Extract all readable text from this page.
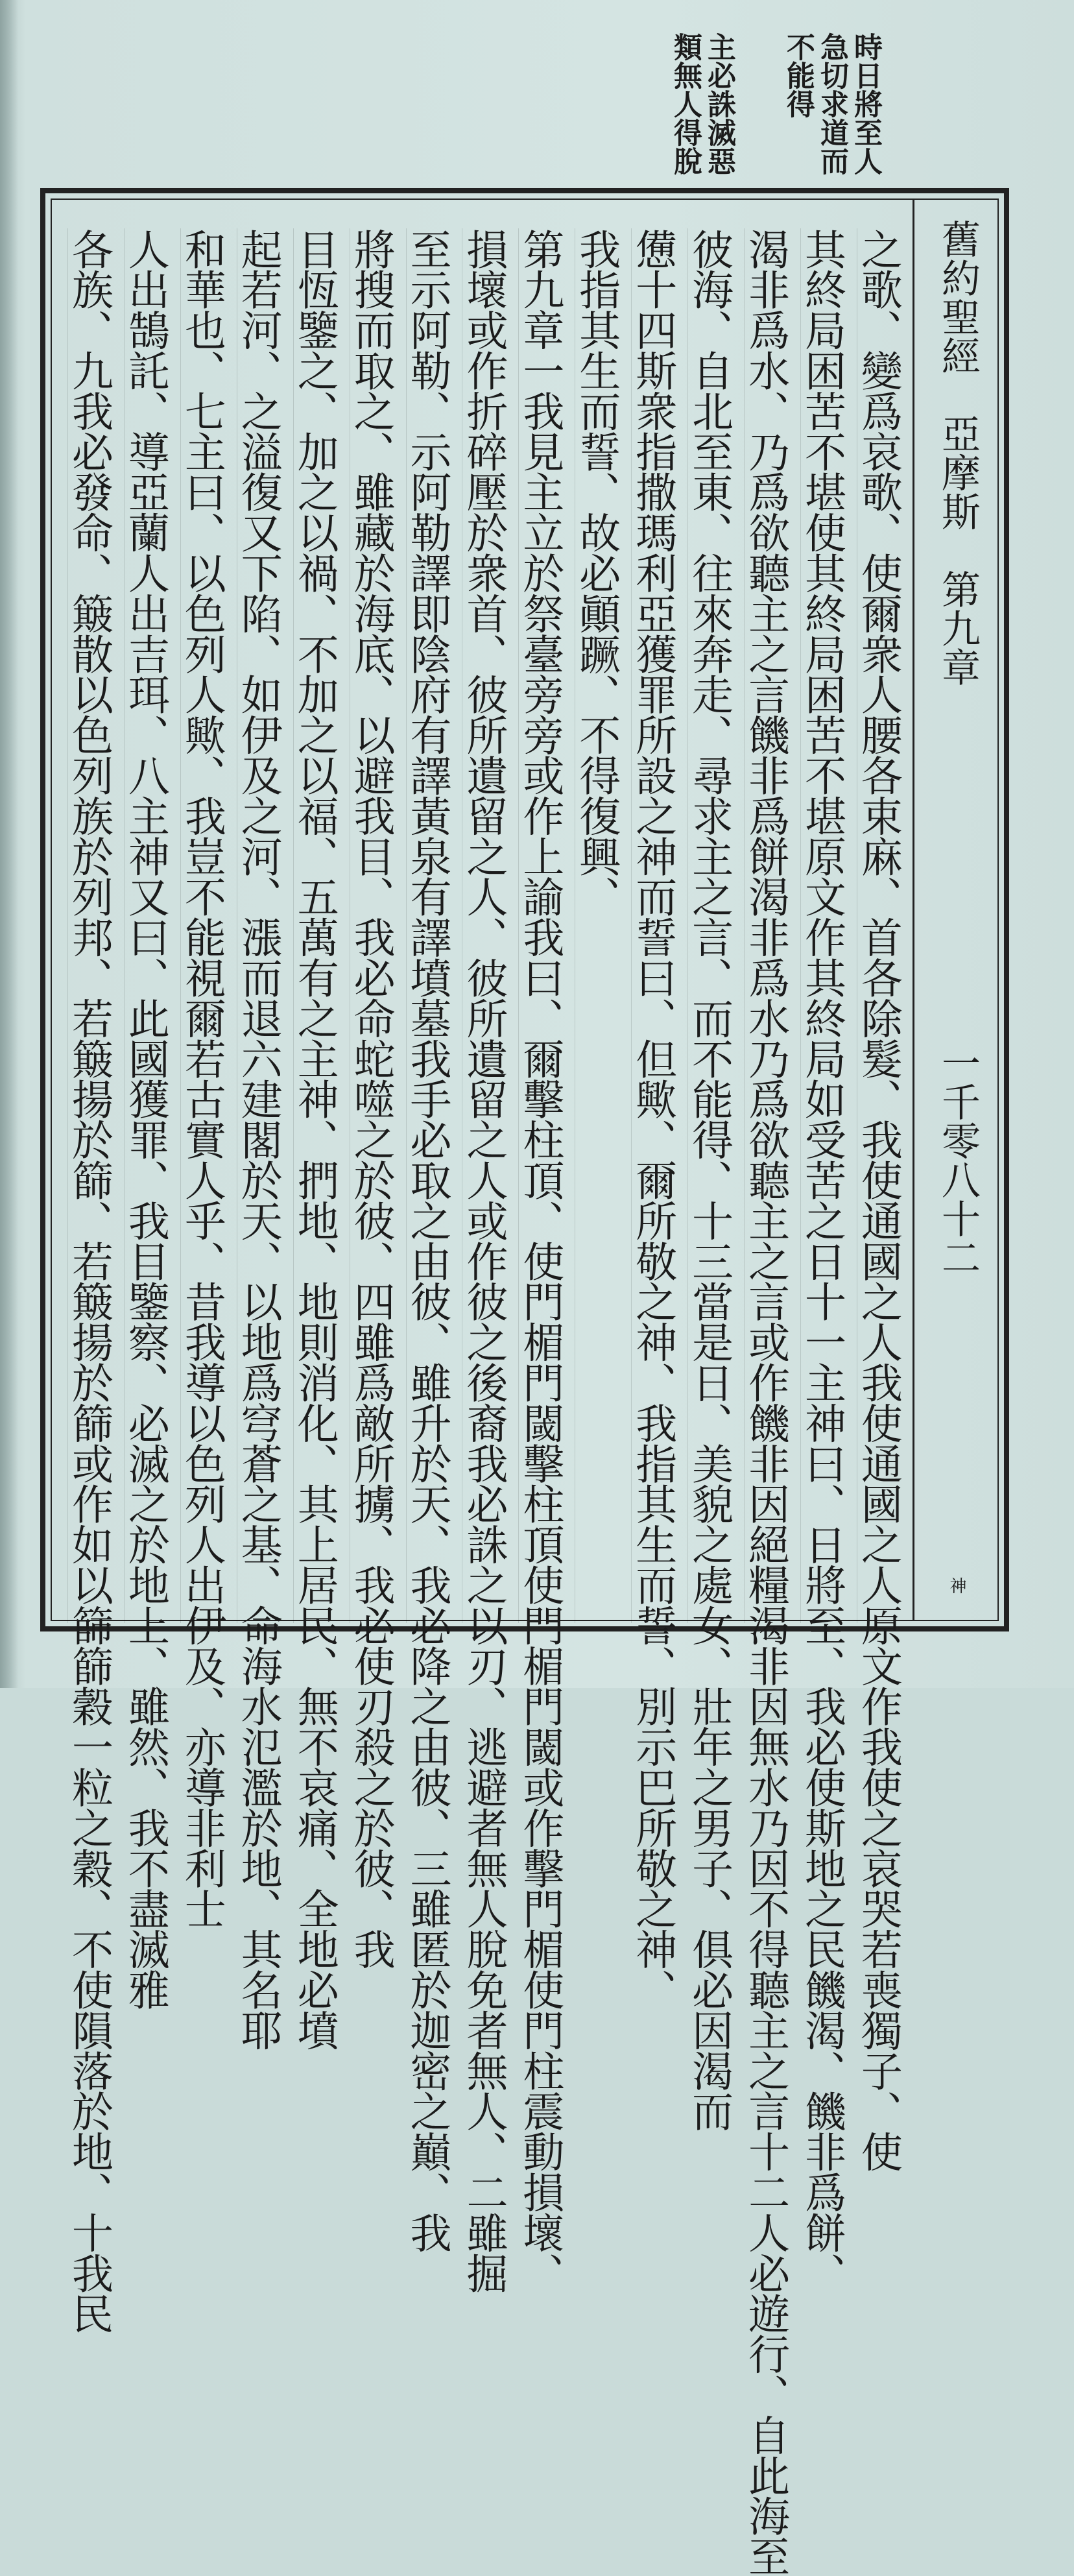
時日將至人
急切求道而
不能得
主必誅滅惡
類無人得脫
舊約聖經　亞摩斯　第九章
一千零八十二
神
之歌、變爲哀歌、使爾衆人腰各束麻、首各除髮、我使通國之人我使通國之人原文作我使之哀哭若喪獨子、使
其終局困苦不堪使其終局困苦不堪原文作其終局如受苦之日十一主神曰、日將至、我必使斯地之民饑渴、饑非爲餅、
渴非爲水、乃爲欲聽主之言饑非爲餅渴非爲水乃爲欲聽主之言或作饑非因絕糧渴非因無水乃因不得聽主之言十二人必遊行、自此海至
彼海、自北至東、往來奔走、尋求主之言、而不能得、十三當是日、美貌之處女、壯年之男子、俱必因渴而
憊十四斯衆指撒瑪利亞獲罪所設之神而誓曰、但歟、爾所敬之神、我指其生而誓、別示巴所敬之神、
我指其生而誓、故必顚蹶、不得復興、
第九章一我見主立於祭臺旁旁或作上諭我曰、爾擊柱頂、使門楣門閾擊柱頂使門楣門閾或作擊門楣使門柱震動損壞、
損壞或作折碎壓於衆首、彼所遺留之人、彼所遺留之人或作彼之後裔我必誅之以刃、逃避者無人脫免者無人、二雖掘
至示阿勒、示阿勒譯即陰府有譯黃泉有譯墳墓我手必取之由彼、雖升於天、我必降之由彼、三雖匿於迦密之巔、我
將搜而取之、雖藏於海底、以避我目、我必命蛇噬之於彼、四雖爲敵所擄、我必使刃殺之於彼、我
目恆鑒之、加之以禍、不加之以福、五萬有之主神、捫地、地則消化、其上居民、無不哀痛、全地必墳
起若河、之溢復又下陷、如伊及之河、漲而退六建閣於天、以地爲穹蒼之基、命海水氾濫於地、其名耶
和華也、七主曰、以色列人歟、我豈不能視爾若古實人乎、昔我導以色列人出伊及、亦導非利士
人出鵠託、導亞蘭人出吉珥、八主神又曰、此國獲罪、我目鑒察、必滅之於地上、雖然、我不盡滅雅
各族、九我必發命、簸散以色列族於列邦、若簸揚於篩、若簸揚於篩或作如以篩篩穀一粒之穀、不使隕落於地、十我民
